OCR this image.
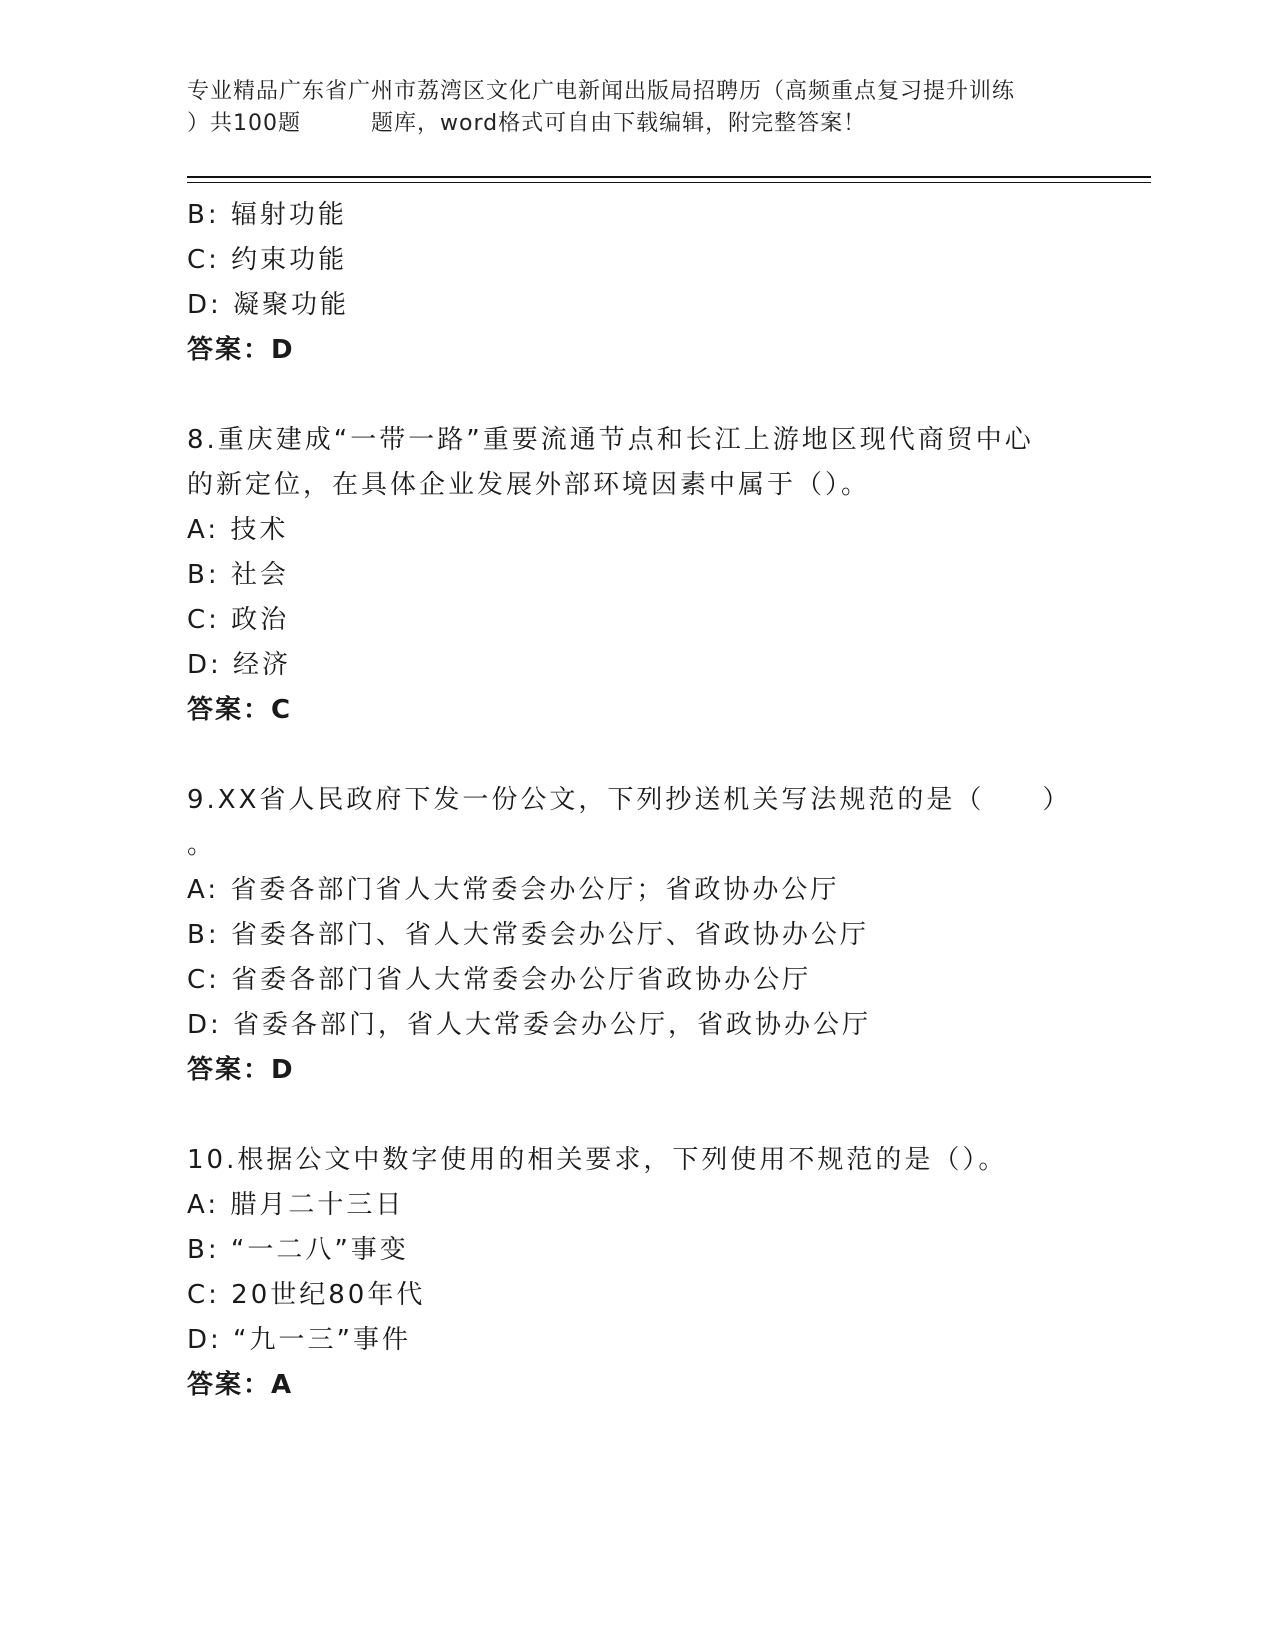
专业精品广东省广州市荔湾区文化广电新闻出版局招聘历（高频重点复习提升训练
）共100题	题库，word格式可自由下载编辑，附完整答案！
B: 辐射功能
C: 约束功能
D: 凝聚功能
答案：D
8.重庆建成“一带一路”重要流通节点和长江上游地区现代商贸中心
的新定位，在具体企业发展外部环境因素中属于（）。
A: 技术
B: 社会
C: 政治
D: 经济
答案：C
9.XX省人民政府下发一份公文，下列抄送机关写法规范的是（　　）
。
A: 省委各部门省人大常委会办公厅；省政协办公厅
B: 省委各部门、省人大常委会办公厅、省政协办公厅
C: 省委各部门省人大常委会办公厅省政协办公厅
D: 省委各部门，省人大常委会办公厅，省政协办公厅
答案：D
10.根据公文中数字使用的相关要求，下列使用不规范的是（）。
A: 腊月二十三日
B: “一二八”事变
C: 20世纪80年代
D: “九一三”事件
答案：A
